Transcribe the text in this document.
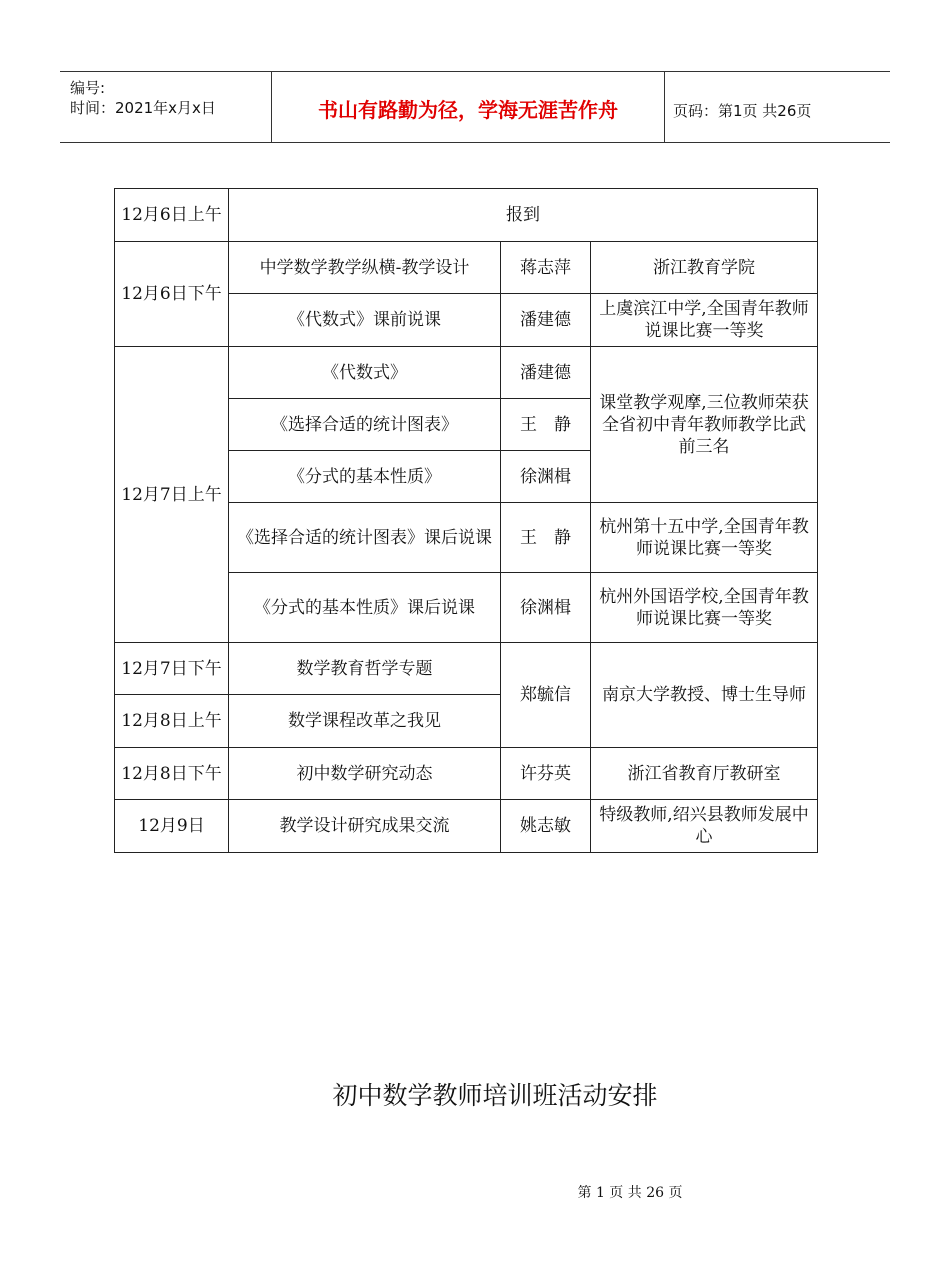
编号:
时间：2021年x月x日	书山有路勤为径，学海无涯苦作舟	页码：第1页 共26页
12月6日上午	报到		

12月6日下午	中学数学教学纵横-教学设计	蒋志萍	浙江教育学院

	《代数式》课前说课	潘建德	上虞滨江中学,全国青年教师说课比赛一等奖

12月7日上午	《代数式》	潘建德	课堂教学观摩,三位教师荣获全省初中青年教师教学比武前三名

	《选择合适的统计图表》	王　静	

	《分式的基本性质》	徐渊楫	

	《选择合适的统计图表》课后说课	王　静	杭州第十五中学,全国青年教师说课比赛一等奖

	《分式的基本性质》课后说课	徐渊楫	杭州外国语学校,全国青年教师说课比赛一等奖

12月7日下午	数学教育哲学专题	郑毓信	南京大学教授、博士生导师

12月8日上午	数学课程改革之我见		

12月8日下午	初中数学研究动态	许芬英	浙江省教育厅教研室

12月9日	教学设计研究成果交流	姚志敏	特级教师,绍兴县教师发展中心
初中数学教师培训班活动安排
第 1 页 共 26 页
